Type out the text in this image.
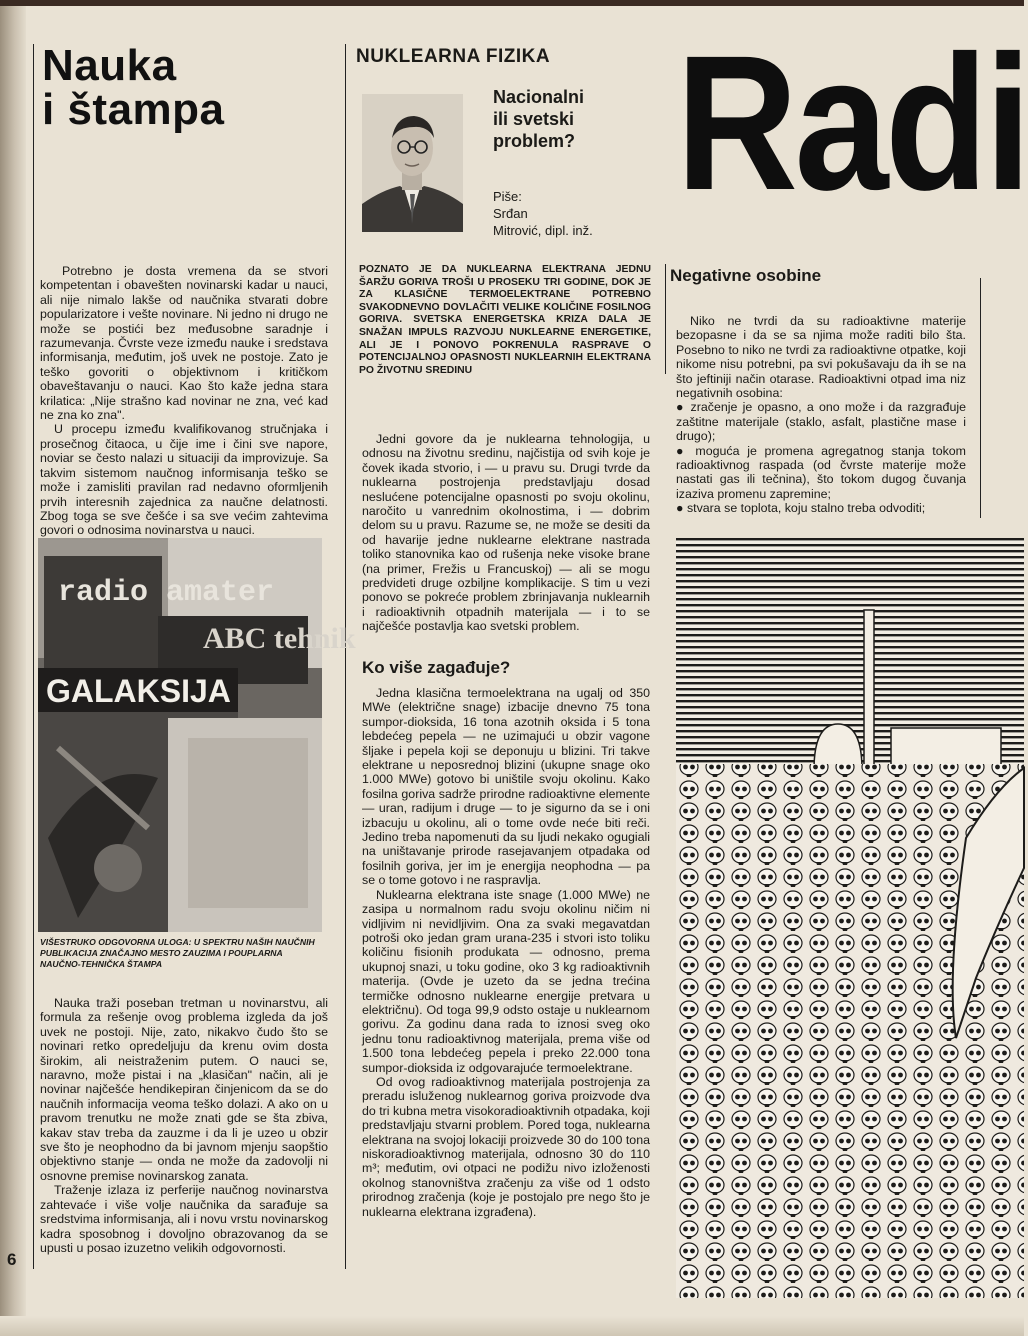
Nauka
i štampa
NUKLEARNA FIZIKA
Nacionalni
ili svetski
problem?
Piše:
Srđan
Mitrović, dipl. inž.
Radi

Potrebno je dosta vremena da se stvori kompetentan i obavešten novinarski kadar u nauci, ali nije nimalo lakše od naučnika stvarati dobre popularizatore i vešte novinare. Ni jedno ni drugo ne može se postići bez međusobne saradnje i razumevanja. Čvrste veze između nauke i sredstava informisanja, međutim, još uvek ne postoje. Zato je teško govoriti o objektivnom i kritičkom obaveštavanju o nauci. Kao što kaže jedna stara krilatica: „Nije strašno kad novinar ne zna, već kad ne zna ko zna".

U procepu između kvalifikovanog stručnjaka i prosečnog čitaoca, u čije ime i čini sve napore, noviar se često nalazi u situaciji da improvizuje. Sa takvim sistemom naučnog informisanja teško se može i zamisliti pravilan rad nedavno oformljenih prvih interesnih zajednica za naučne delatnosti. Zbog toga se sve češće i sa sve većim zahtevima govori o odnosima novinarstva u nauci.

radio amater
ABC tehnik
GALAKSIJA
VIŠESTRUKO ODGOVORNA ULOGA: U SPEKTRU NAŠIH NAUČNIH PUBLIKACIJA ZNAČAJNO MESTO ZAUZIMA I POUPLARNA NAUČNO-TEHNIČKA ŠTAMPA

Nauka traži poseban tretman u novinarstvu, ali formula za rešenje ovog problema izgleda da još uvek ne postoji. Nije, zato, nikakvo čudo što se novinari retko opredeljuju da krenu ovim dosta širokim, ali neistraženim putem. O nauci se, naravno, može pistai i na „klasičan" način, ali je novinar najčešće hendikepiran činjenicom da se do naučnih informacija veoma teško dolazi. A ako on u pravom trenutku ne može znati gde se šta zbiva, kakav stav treba da zauzme i da li je uzeo u obzir sve što je neophodno da bi javnom mjenju saopštio objektivno stanje — onda ne može da zadovolji ni osnovne premise novinarskog zanata.

Traženje izlaza iz perferije naučnog novinarstva zahtevaće i više volje naučnika da sarađuje sa sredstvima informisanja, ali i novu vrstu novinarskog kadra sposobnog i dovoljno obrazovanog da se upusti u posao izuzetno velikih odgovornosti.

6
POZNATO JE DA NUKLEARNA ELEKTRANA JEDNU ŠARŽU GORIVA TROŠI U PROSEKU TRI GODINE, DOK JE ZA KLASIČNE TERMOELEKTRANE POTREBNO SVAKODNEVNO DOVLAČITI VELIKE KOLIČINE FOSILNOG GORIVA. SVETSKA ENERGETSKA KRIZA DALA JE SNAŽAN IMPULS RAZVOJU NUKLEARNE ENERGETIKE, ALI JE I PONOVO POKRENULA RASPRAVE O POTENCIJALNOJ OPASNOSTI NUKLEARNIH ELEKTRANA PO ŽIVOTNU SREDINU

Jedni govore da je nuklearna tehnologija, u odnosu na životnu sredinu, najčistija od svih koje je čovek ikada stvorio, i — u pravu su. Drugi tvrde da nuklearna postrojenja predstavljaju dosad neslućene potencijalne opasnosti po svoju okolinu, naročito u vanrednim okolnostima, i — dobrim delom su u pravu. Razume se, ne može se desiti da od havarije jedne nuklearne elektrane nastrada toliko stanovnika kao od rušenja neke visoke brane (na primer, Frežis u Francuskoj) — ali se mogu predvideti druge ozbiljne komplikacije. S tim u vezi ponovo se pokreće problem zbrinjavanja nuklearnih i radioaktivnih otpadnih materijala — i to se najčešće postavlja kao svetski problem.

Ko više zagađuje?

Jedna klasična termoelektrana na ugalj od 350 MWe (električne snage) izbacije dnevno 75 tona sumpor-dioksida, 16 tona azotnih oksida i 5 tona lebdećeg pepela — ne uzimajući u obzir vagone šljake i pepela koji se deponuju u blizini. Tri takve elektrane u neposrednoj blizini (ukupne snage oko 1.000 MWe) gotovo bi uništile svoju okolinu. Kako fosilna goriva sadrže prirodne radioaktivne elemente — uran, radijum i druge — to je sigurno da se i oni izbacuju u okolinu, ali o tome ovde neće biti reči. Jedino treba napomenuti da su ljudi nekako ogugiali na uništavanje prirode rasejavanjem otpadaka od fosilnih goriva, jer im je energija neophodna — pa se o tome gotovo i ne raspravlja.

Nuklearna elektrana iste snage (1.000 MWe) ne zasipa u normalnom radu svoju okolinu ničim ni vidljivim ni nevidljivim. Ona za svaki megavatdan potroši oko jedan gram urana-235 i stvori isto toliku količinu fisionih produkata — odnosno, prema ukupnoj snazi, u toku godine, oko 3 kg radioaktivnih materija. (Ovde je uzeto da se jedna trećina termičke odnosno nuklearne energije pretvara u električnu). Od toga 99,9 odsto ostaje u nuklearnom gorivu. Za godinu dana rada to iznosi sveg oko jednu tonu radioaktivnog materijala, prema više od 1.500 tona lebdećeg pepela i preko 22.000 tona sumpor-dioksida iz odgovarajuće termoelektrane.

Od ovog radioaktivnog materijala postrojenja za preradu isluženog nuklearnog goriva proizvode dva do tri kubna metra visokoradioaktivnih otpadaka, koji predstavljaju stvarni problem. Pored toga, nuklearna elektrana na svojoj lokaciji proizvede 30 do 100 tona niskoradioaktivnog materijala, odnosno 30 do 110 m³; međutim, ovi otpaci ne podižu nivo izloženosti okolnog stanovništva zračenju za više od 1 odsto prirodnog zračenja (koje je postojalo pre nego što je nuklearna elektrana izgrađena).

Negativne osobine

Niko ne tvrdi da su radioaktivne materije bezopasne i da se sa njima može raditi bilo šta. Posebno to niko ne tvrdi za radioaktivne otpatke, koji nikome nisu potrebni, pa svi pokušavaju da ih se na što jeftiniji način otarase. Radioaktivni otpad ima niz negativnih osobina:

● zračenje je opasno, a ono može i da razgrađuje zaštitne materijale (staklo, asfalt, plastične mase i drugo);
● moguća je promena agregatnog stanja tokom radioaktivnog raspada (od čvrste materije može nastati gas ili tečnina), što tokom dugog čuvanja izaziva promenu zapremine;
● stvara se toplota, koju stalno treba odvoditi;
